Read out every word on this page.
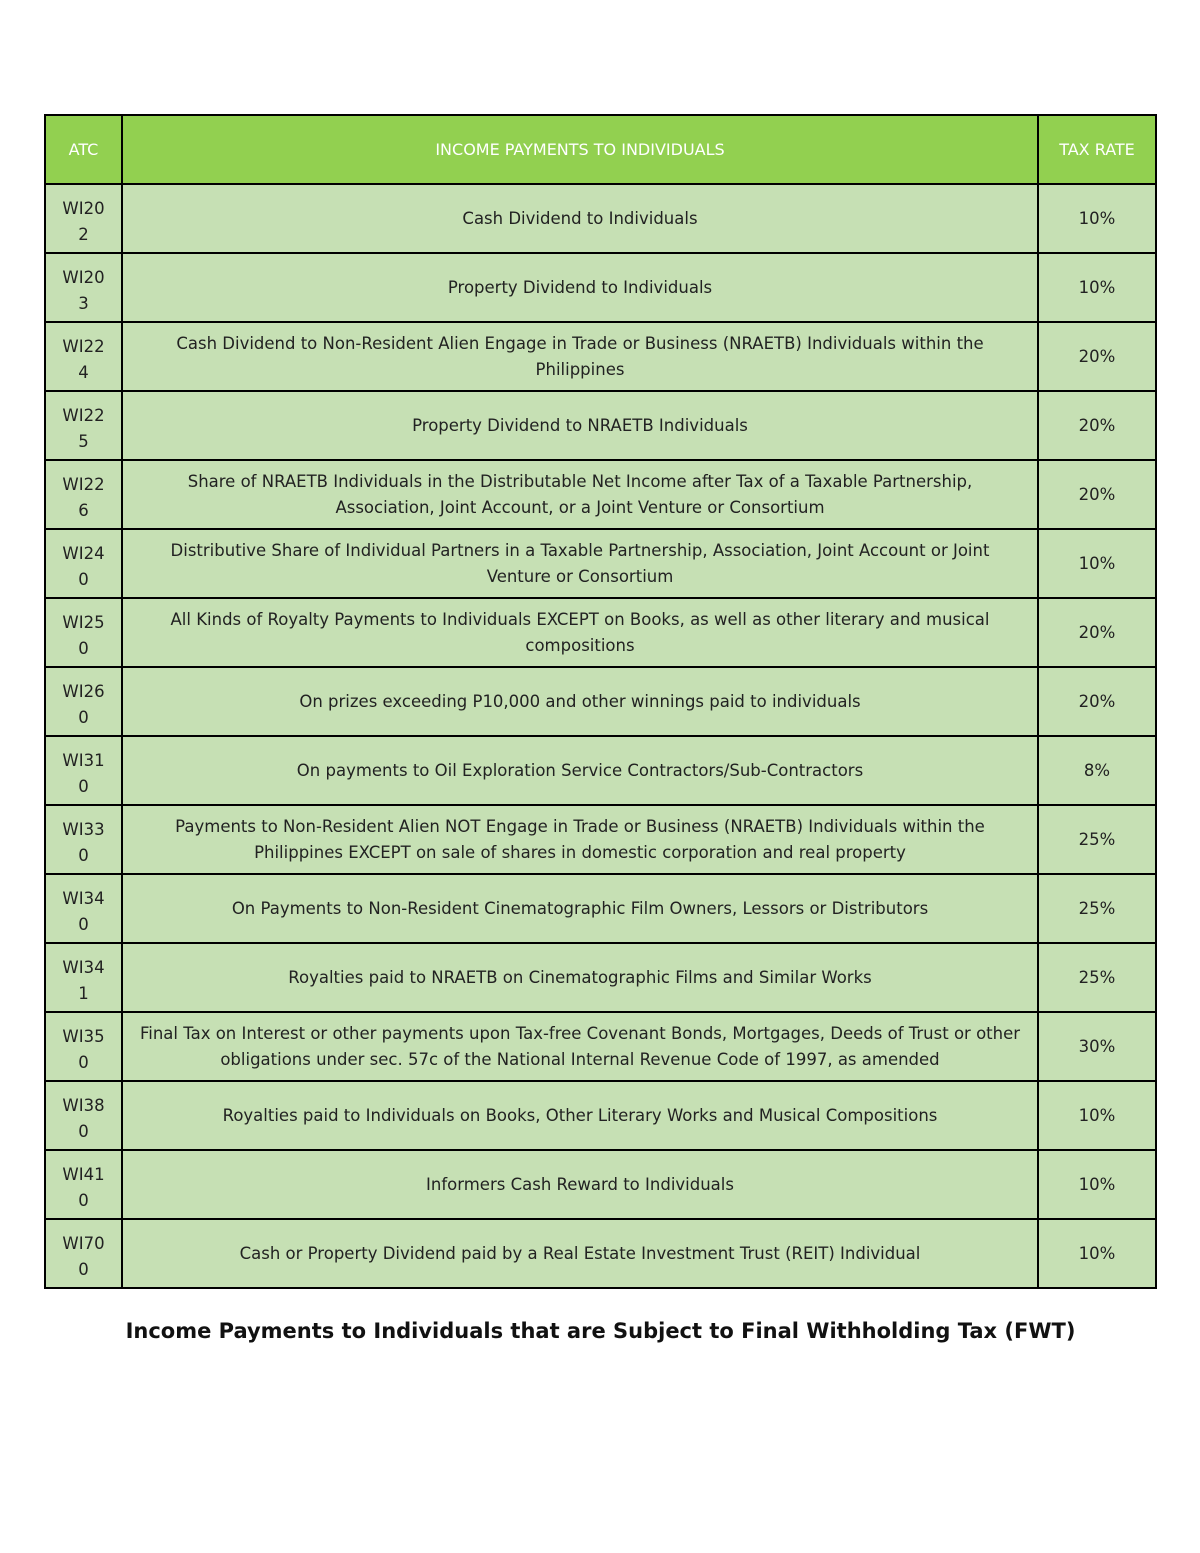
ATC	INCOME PAYMENTS TO INDIVIDUALS	TAX RATE

WI202	Cash Dividend to Individuals	10%

WI203	Property Dividend to Individuals	10%

WI224	Cash Dividend to Non-Resident Alien Engage in Trade or Business (NRAETB) Individuals within the Philippines	20%

WI225	Property Dividend to NRAETB Individuals	20%

WI226	Share of NRAETB Individuals in the Distributable Net Income after Tax of a Taxable Partnership, Association, Joint Account, or a Joint Venture or Consortium	20%

WI240	Distributive Share of Individual Partners in a Taxable Partnership, Association, Joint Account or Joint Venture or Consortium	10%

WI250	All Kinds of Royalty Payments to Individuals EXCEPT on Books, as well as other literary and musical compositions	20%

WI260	On prizes exceeding P10,000 and other winnings paid to individuals	20%

WI310	On payments to Oil Exploration Service Contractors/Sub-Contractors	8%

WI330	Payments to Non-Resident Alien NOT Engage in Trade or Business (NRAETB) Individuals within the Philippines EXCEPT on sale of shares in domestic corporation and real property	25%

WI340	On Payments to Non-Resident Cinematographic Film Owners, Lessors or Distributors	25%

WI341	Royalties paid to NRAETB on Cinematographic Films and Similar Works	25%

WI350	Final Tax on Interest or other payments upon Tax-free Covenant Bonds, Mortgages, Deeds of Trust or other obligations under sec. 57c of the National Internal Revenue Code of 1997, as amended	30%

WI380	Royalties paid to Individuals on Books, Other Literary Works and Musical Compositions	10%

WI410	Informers Cash Reward to Individuals	10%

WI700	Cash or Property Dividend paid by a Real Estate Investment Trust (REIT) Individual	10%
Income Payments to Individuals that are Subject to Final Withholding Tax (FWT)
